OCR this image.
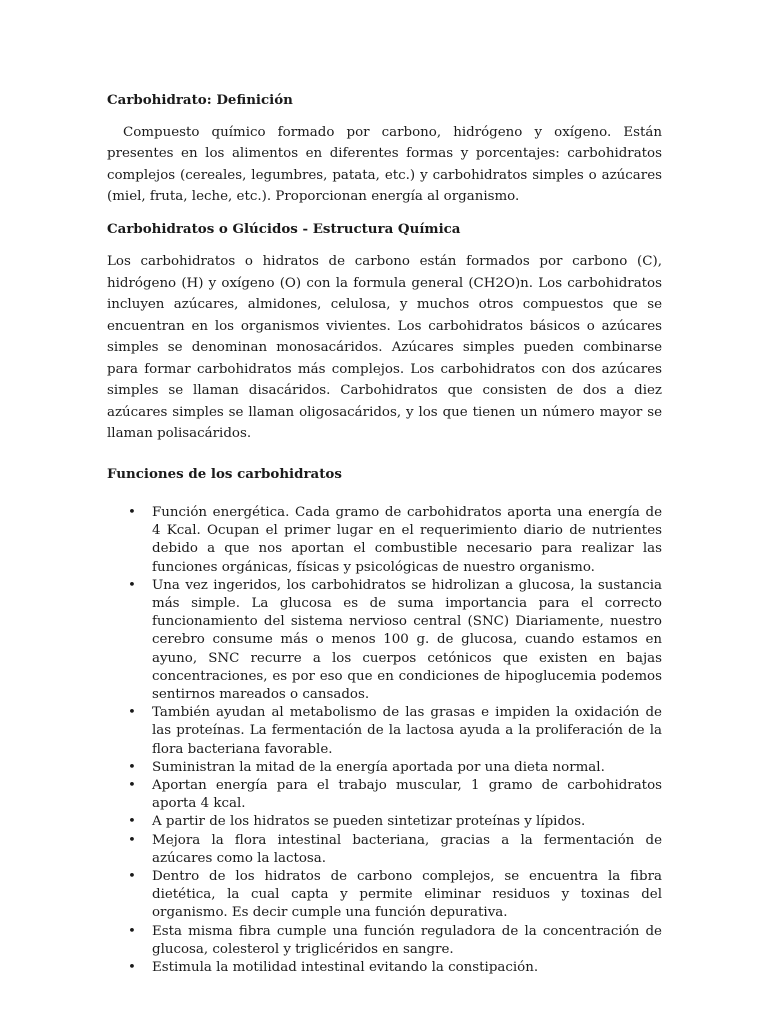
Carbohidrato: Definición

Compuesto químico formado por carbono, hidrógeno y oxígeno. Están presentes en los alimentos en diferentes formas y porcentajes: carbohidratos complejos (cereales, legumbres, patata, etc.) y carbohidratos simples o azúcares (miel, fruta, leche, etc.). Proporcionan energía al organismo.

Carbohidratos o Glúcidos - Estructura Química

Los carbohidratos o hidratos de carbono están formados por carbono (C), hidrógeno (H) y oxígeno (O) con la formula general (CH2O)n. Los carbohidratos incluyen azúcares, almidones, celulosa, y muchos otros compuestos que se encuentran en los organismos vivientes. Los carbohidratos básicos o azúcares simples se denominan monosacáridos. Azúcares simples pueden combinarse para formar carbohidratos más complejos. Los carbohidratos con dos azúcares simples se llaman disacáridos. Carbohidratos que consisten de dos a diez azúcares simples se llaman oligosacáridos, y los que tienen un número mayor se llaman polisacáridos.

Funciones de los carbohidratos

• Función energética. Cada gramo de carbohidratos aporta una energía de 4 Kcal. Ocupan el primer lugar en el requerimiento diario de nutrientes debido a que nos aportan el combustible necesario para realizar las funciones orgánicas, físicas y psicológicas de nuestro organismo.
• Una vez ingeridos, los carbohidratos se hidrolizan a glucosa, la sustancia más simple. La glucosa es de suma importancia para el correcto funcionamiento del sistema nervioso central (SNC) Diariamente, nuestro cerebro consume más o menos 100 g. de glucosa, cuando estamos en ayuno, SNC recurre a los cuerpos cetónicos que existen en bajas concentraciones, es por eso que en condiciones de hipoglucemia podemos sentirnos mareados o cansados.
• También ayudan al metabolismo de las grasas e impiden la oxidación de las proteínas. La fermentación de la lactosa ayuda a la proliferación de la flora bacteriana favorable.
• Suministran la mitad de la energía aportada por una dieta normal.
• Aportan energía para el trabajo muscular, 1 gramo de carbohidratos aporta 4 kcal.
• A partir de los hidratos se pueden sintetizar proteínas y lípidos.
• Mejora la flora intestinal bacteriana, gracias a la fermentación de azúcares como la lactosa.
• Dentro de los hidratos de carbono complejos, se encuentra la fibra dietética, la cual capta y permite eliminar residuos y toxinas del organismo. Es decir cumple una función depurativa.
• Esta misma fibra cumple una función reguladora de la concentración de glucosa, colesterol y triglicéridos en sangre.
• Estimula la motilidad intestinal evitando la constipación.
